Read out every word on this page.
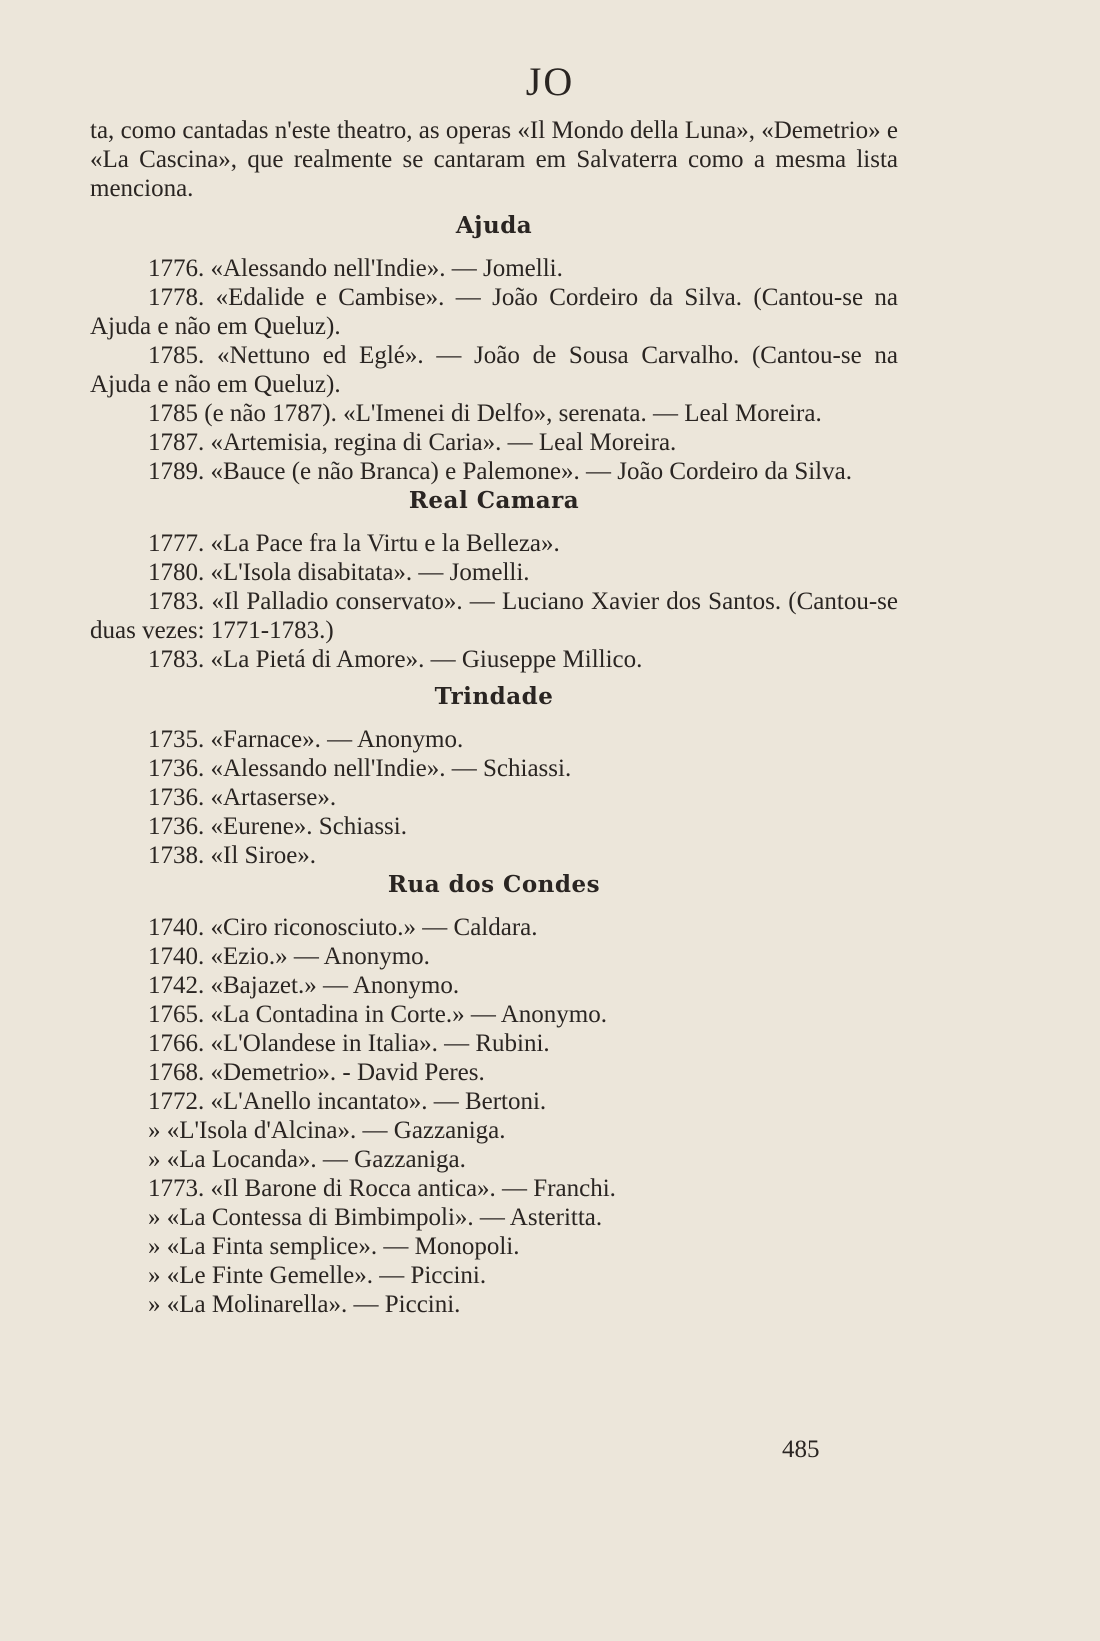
JO

ta, como cantadas n'este theatro, as operas «Il Mondo della Luna», «Demetrio» e «La Cascina», que realmente se cantaram em Salvaterra como a mesma lista menciona.

Ajuda
1776. «Alessando nell'Indie». — Jomelli.
1778. «Edalide e Cambise». — João Cordeiro da Silva. (Cantou-se na Ajuda e não em Queluz).
1785. «Nettuno ed Eglé». — João de Sousa Carvalho. (Cantou-se na Ajuda e não em Queluz).
1785 (e não 1787). «L'Imenei di Delfo», serenata. — Leal Moreira.
1787. «Artemisia, regina di Caria». — Leal Moreira.
1789. «Bauce (e não Branca) e Palemone». — João Cordeiro da Silva.
Real Camara
1777. «La Pace fra la Virtu e la Belleza».
1780. «L'Isola disabitata». — Jomelli.
1783. «Il Palladio conservato». — Luciano Xavier dos Santos. (Cantou-se duas vezes: 1771-1783.)
1783. «La Pietá di Amore». — Giuseppe Millico.
Trindade
1735. «Farnace». — Anonymo.
1736. «Alessando nell'Indie». — Schiassi.
1736. «Artaserse».
1736. «Eurene». Schiassi.
1738. «Il Siroe».
Rua dos Condes
1740. «Ciro riconosciuto.» — Caldara.
1740. «Ezio.» — Anonymo.
1742. «Bajazet.» — Anonymo.
1765. «La Contadina in Corte.» — Anonymo.
1766. «L'Olandese in Italia». — Rubini.
1768. «Demetrio». - David Peres.
1772. «L'Anello incantato». — Bertoni.
» «L'Isola d'Alcina». — Gazzaniga.
» «La Locanda». — Gazzaniga.
1773. «Il Barone di Rocca antica». — Franchi.
» «La Contessa di Bimbimpoli». — Asteritta.
» «La Finta semplice». — Monopoli.
» «Le Finte Gemelle». — Piccini.
» «La Molinarella». — Piccini.
485
